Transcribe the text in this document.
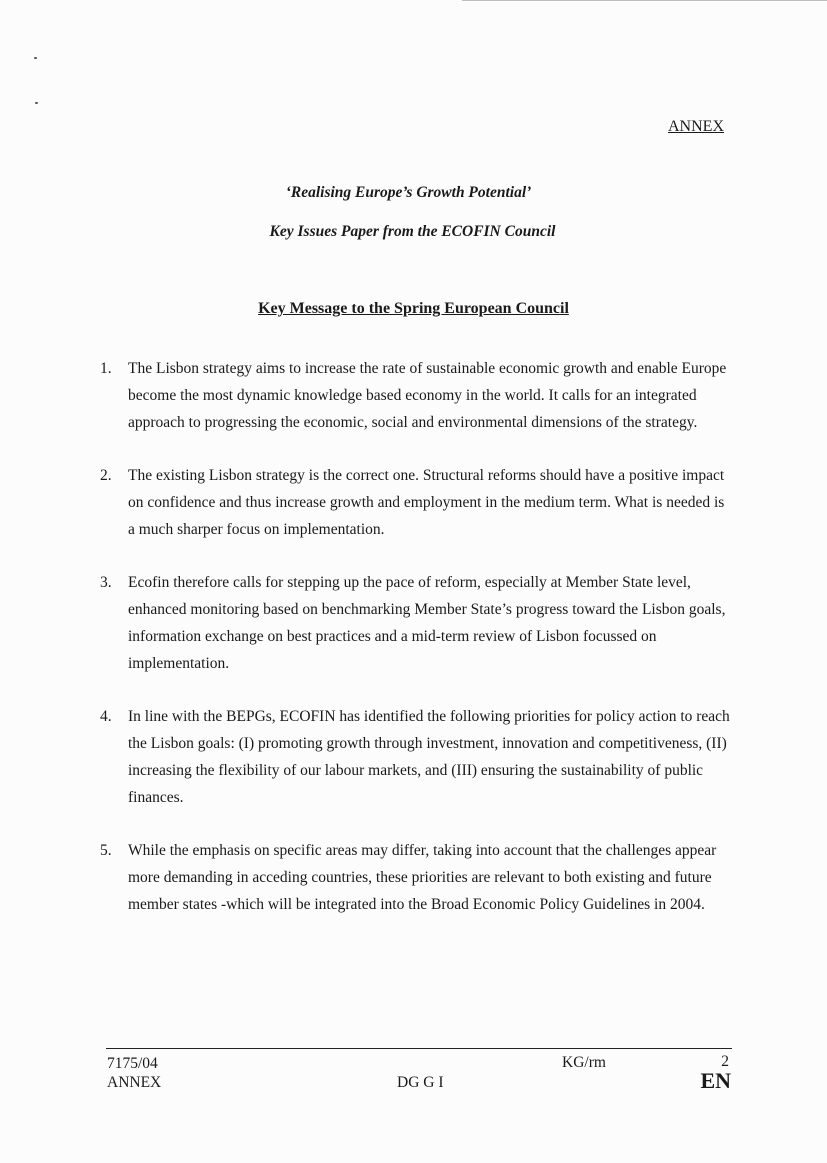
ANNEX
‘Realising Europe’s Growth Potential’
Key Issues Paper from the ECOFIN Council
Key Message to the Spring European Council
1.	The Lisbon strategy aims to increase the rate of sustainable economic growth and enable Europe become the most dynamic knowledge based economy in the world. It calls for an integrated approach to progressing the economic, social and environmental dimensions of the strategy.
2.	The existing Lisbon strategy is the correct one. Structural reforms should have a positive impact on confidence and thus increase growth and employment in the medium term. What is needed is a much sharper focus on implementation.
3.	Ecofin therefore calls for stepping up the pace of reform, especially at Member State level, enhanced monitoring based on benchmarking Member State’s progress toward the Lisbon goals, information exchange on best practices and a mid-term review of Lisbon focussed on implementation.
4.	In line with the BEPGs, ECOFIN has identified the following priorities for policy action to reach the Lisbon goals: (I) promoting growth through investment, innovation and competitiveness, (II) increasing the flexibility of our labour markets, and (III) ensuring the sustainability of public finances.
5.	While the emphasis on specific areas may differ, taking into account that the challenges appear more demanding in acceding countries, these priorities are relevant to both existing and future member states -which will be integrated into the Broad Economic Policy Guidelines in 2004.
7175/04
ANNEX	DG G I
KG/rm	2
EN
